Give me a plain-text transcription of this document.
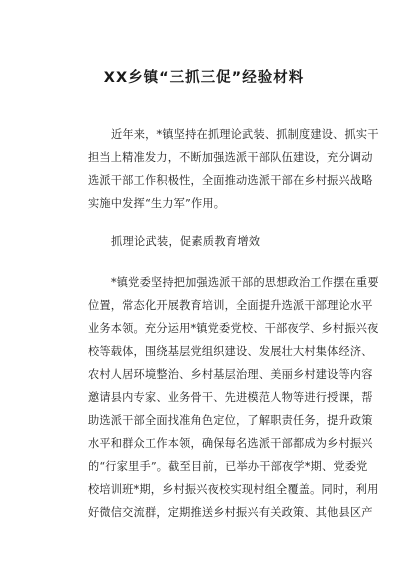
XX乡镇“三抓三促”经验材料
近年来，*镇坚持在抓理论武装、抓制度建设、抓实干
担当上精准发力，不断加强选派干部队伍建设，充分调动
选派干部工作积极性，全面推动选派干部在乡村振兴战略
实施中发挥“生力军”作用。
抓理论武装，促素质教育增效
*镇党委坚持把加强选派干部的思想政治工作摆在重要
位置，常态化开展教育培训，全面提升选派干部理论水平
业务本领。充分运用*镇党委党校、干部夜学、乡村振兴夜
校等载体，围绕基层党组织建设、发展壮大村集体经济、
农村人居环境整治、乡村基层治理、美丽乡村建设等内容
邀请县内专家、业务骨干、先进模范人物等进行授课，帮
助选派干部全面找准角色定位，了解职责任务，提升政策
水平和群众工作本领，确保每名选派干部都成为乡村振兴
的“行家里手”。截至目前，已举办干部夜学*期、党委党
校培训班*期，乡村振兴夜校实现村组全覆盖。同时，利用
好微信交流群，定期推送乡村振兴有关政策、其他县区产
